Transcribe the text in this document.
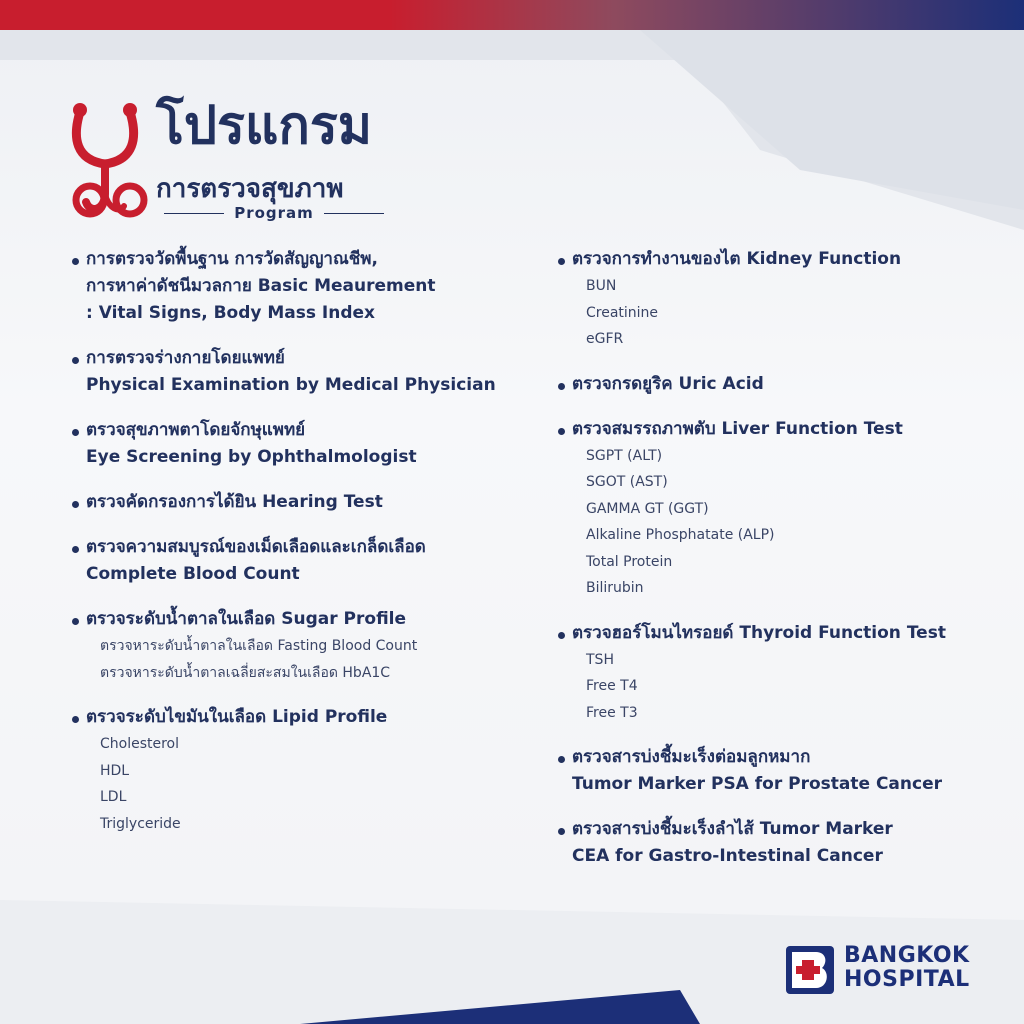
โปรแกรม
การตรวจสุขภาพ
Program
การตรวจวัดพื้นฐาน การวัดสัญญาณชีพ,
การหาค่าดัชนีมวลกาย Basic Meaurement
: Vital Signs, Body Mass Index
การตรวจร่างกายโดยแพทย์
Physical Examination by Medical Physician
ตรวจสุขภาพตาโดยจักษุแพทย์
Eye Screening by Ophthalmologist
ตรวจคัดกรองการได้ยิน Hearing Test
ตรวจความสมบูรณ์ของเม็ดเลือดและเกล็ดเลือด
Complete Blood Count
ตรวจระดับน้ำตาลในเลือด Sugar Profile
ตรวจหาระดับน้ำตาลในเลือด Fasting Blood Count
ตรวจหาระดับน้ำตาลเฉลี่ยสะสมในเลือด HbA1C
ตรวจระดับไขมันในเลือด Lipid Profile
Cholesterol
HDL
LDL
Triglyceride
ตรวจการทำงานของไต Kidney Function
BUN
Creatinine
eGFR
ตรวจกรดยูริค Uric Acid
ตรวจสมรรถภาพตับ Liver Function Test
SGPT (ALT)
SGOT (AST)
GAMMA GT (GGT)
Alkaline Phosphatate (ALP)
Total Protein
Bilirubin
ตรวจฮอร์โมนไทรอยด์ Thyroid Function Test
TSH
Free T4
Free T3
ตรวจสารบ่งชี้มะเร็งต่อมลูกหมาก
Tumor Marker PSA for Prostate Cancer
ตรวจสารบ่งชี้มะเร็งลำไส้ Tumor Marker
CEA for Gastro-Intestinal Cancer
BANGKOK
HOSPITAL
